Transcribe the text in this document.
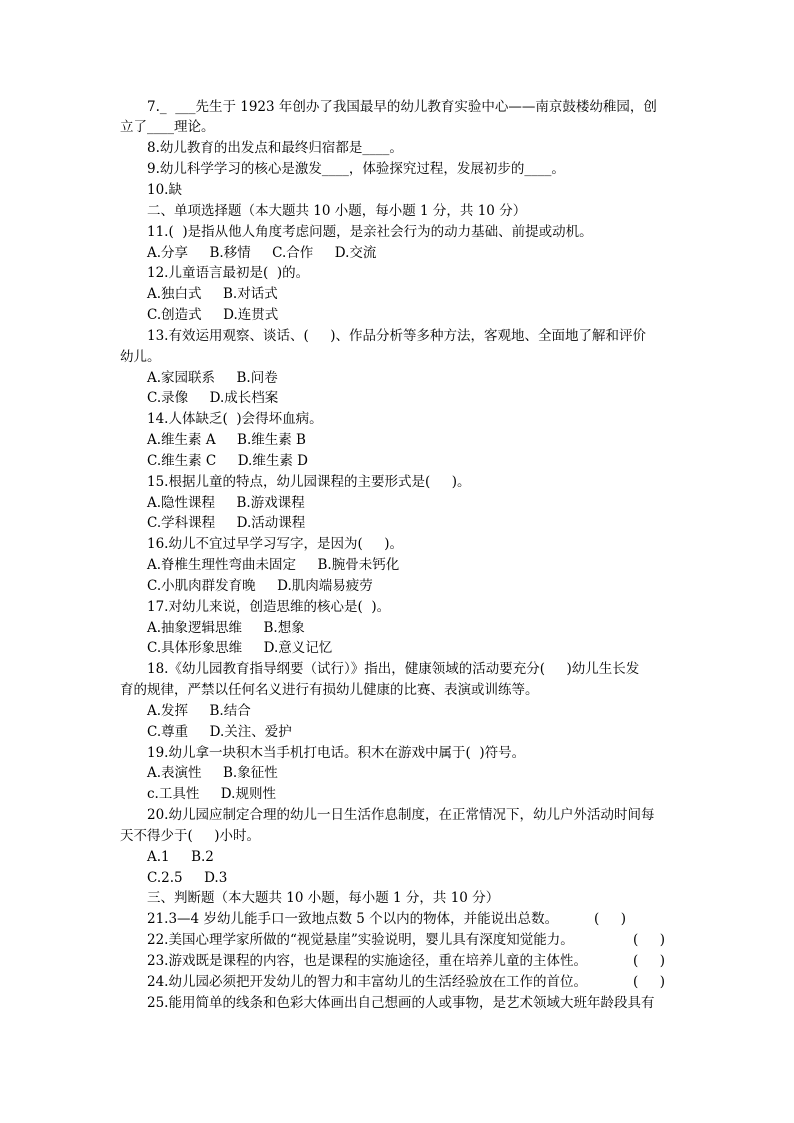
7._  ___先生于 1923 年创办了我国最早的幼儿教育实验中心——南京鼓楼幼稚园，创
立了____理论。
8.幼儿教育的出发点和最终归宿都是____。
9.幼儿科学学习的核心是激发____，体验探究过程，发展初步的____。
10.缺
二、单项选择题（本大题共 10 小题，每小题 1 分，共 10 分）
11.(  )是指从他人角度考虑问题，是亲社会行为的动力基础、前提或动机。
A.分享     B.移情     C.合作     D.交流
12.儿童语言最初是(  )的。
A.独白式     B.对话式
C.创造式     D.连贯式
13.有效运用观察、谈话、(     )、作品分析等多种方法，客观地、全面地了解和评价
幼儿。
A.家园联系     B.问卷
C.录像     D.成长档案
14.人体缺乏(  )会得坏血病。
A.维生素 A     B.维生素 B
C.维生素 C     D.维生素 D
15.根据儿童的特点，幼儿园课程的主要形式是(     )。
A.隐性课程     B.游戏课程
C.学科课程     D.活动课程
16.幼儿不宜过早学习写字，是因为(     )。
A.脊椎生理性弯曲未固定     B.腕骨未钙化
C.小肌肉群发育晚     D.肌肉端易疲劳
17.对幼儿来说，创造思维的核心是(  )。
A.抽象逻辑思维     B.想象
C.具体形象思维     D.意义记忆
18.《幼儿园教育指导纲要（试行）》指出，健康领域的活动要充分(     )幼儿生长发
育的规律，严禁以任何名义进行有损幼儿健康的比赛、表演或训练等。
A.发挥     B.结合
C.尊重     D.关注、爱护
19.幼儿拿一块积木当手机打电话。积木在游戏中属于(  )符号。
A.表演性     B.象征性
c.工具性     D.规则性
20.幼儿园应制定合理的幼儿一日生活作息制度，在正常情况下，幼儿户外活动时间每
天不得少于(     )小时。
A.1     B.2
C.2.5     D.3
三、判断题（本大题共 10 小题，每小题 1 分，共 10 分）
21.3—4 岁幼儿能手口一致地点数 5 个以内的物体，并能说出总数。	(     )
22.美国心理学家所做的“视觉悬崖”实验说明，婴儿具有深度知觉能力。	(     )
23.游戏既是课程的内容，也是课程的实施途径，重在培养儿童的主体性。	(     )
24.幼儿园必须把开发幼儿的智力和丰富幼儿的生活经验放在工作的首位。	(     )
25.能用简单的线条和色彩大体画出自己想画的人或事物，是艺术领域大班年龄段具有
